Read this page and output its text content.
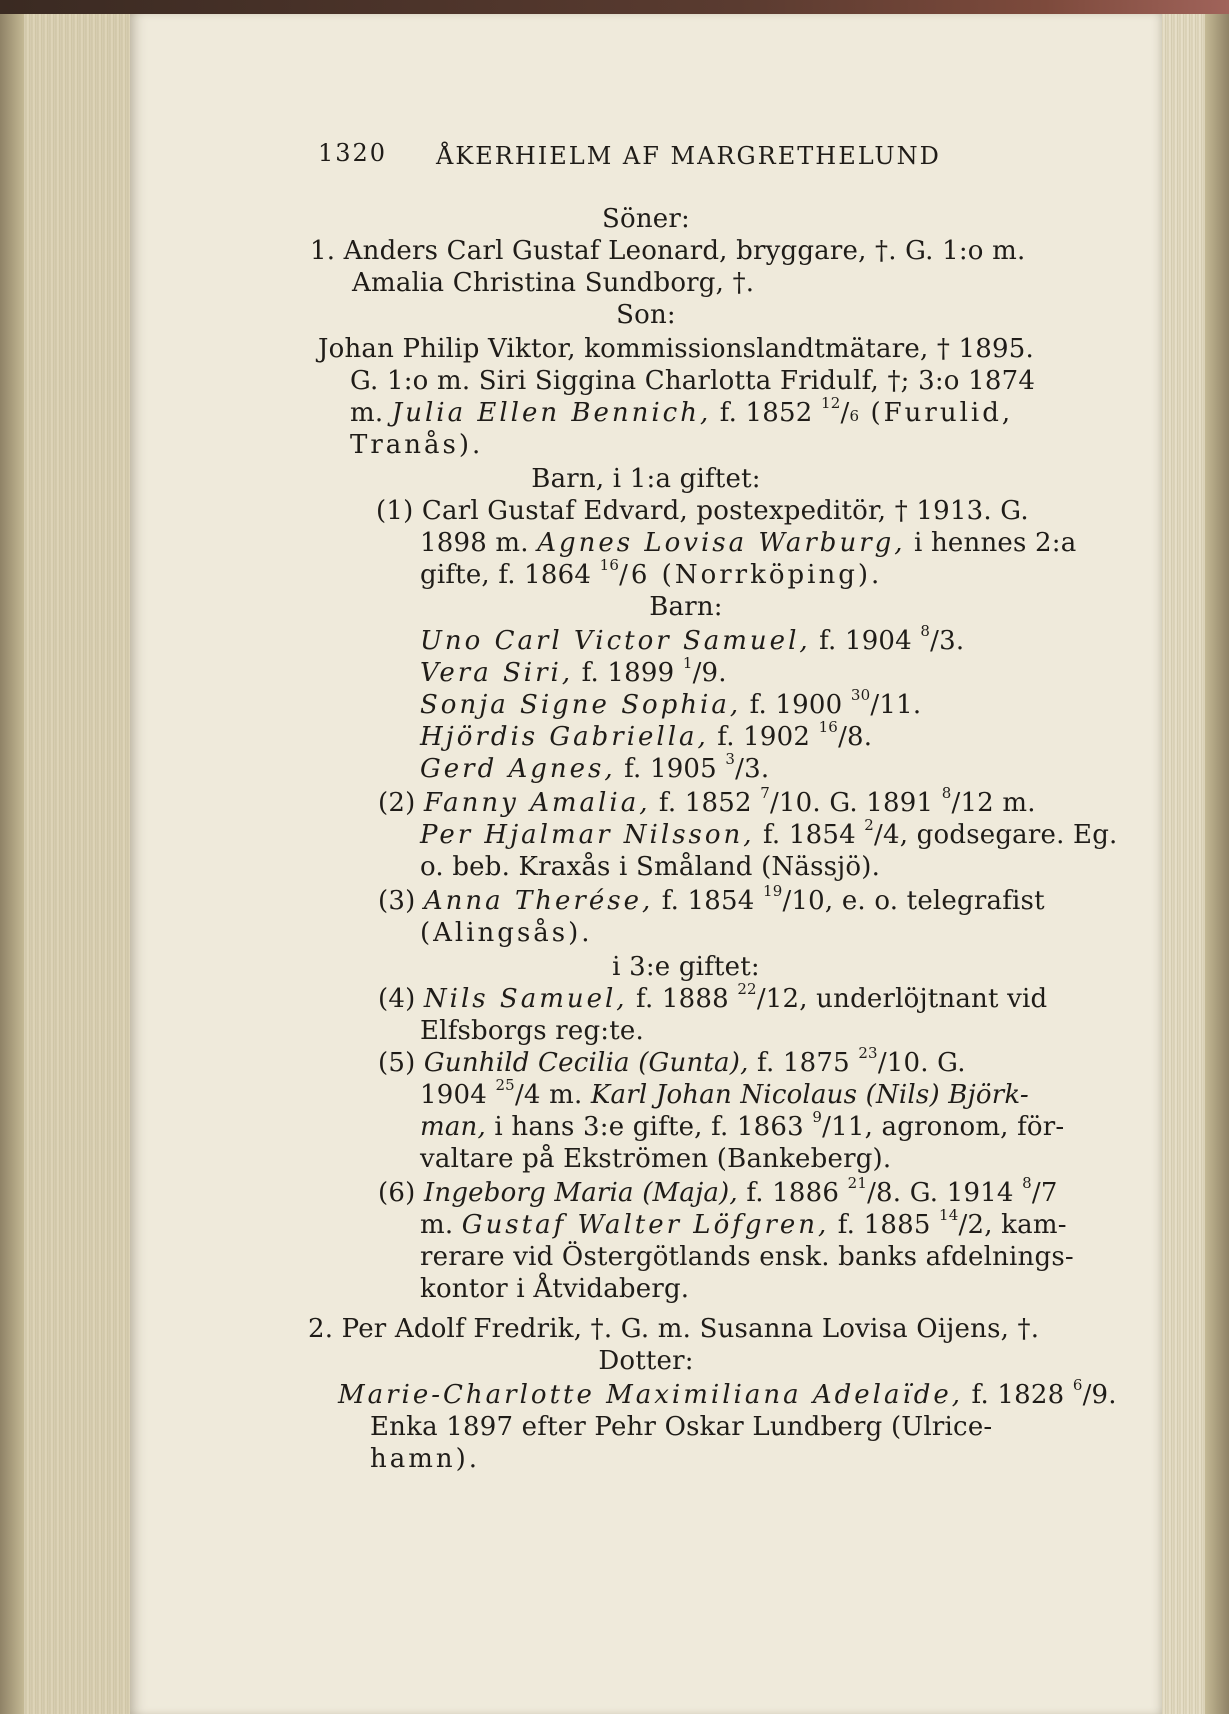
1320 ÅKERHIELM AF MARGRETHELUND
Söner:
1. Anders Carl Gustaf Leonard, bryggare, †. G. 1:o m.
Amalia Christina Sundborg, †.
Son:
Johan Philip Viktor, kommissionslandtmätare, † 1895.
G. 1:o m. Siri Siggina Charlotta Fridulf, †; 3:o 1874
m. Julia Ellen Bennich, f. 1852 $^{12}$/6 (Furulid,
Tranås).
Barn, i 1:a giftet:
(1) Carl Gustaf Edvard, postexpeditör, † 1913. G.
1898 m. Agnes Lovisa Warburg, i hennes 2:a
gifte, f. 1864 $^{16}$/6 (Norrköping).
Barn:
Uno Carl Victor Samuel, f. 1904 $^8$/3.
Vera Siri, f. 1899 $^1$/9.
Sonja Signe Sophia, f. 1900 $^{30}$/11.
Hjördis Gabriella, f. 1902 $^{16}$/8.
Gerd Agnes, f. 1905 $^3$/3.
(2) Fanny Amalia, f. 1852 $^7$/10. G. 1891 $^8$/12 m.
Per Hjalmar Nilsson, f. 1854 $^2$/4, godsegare. Eg.
o. beb. Kraxås i Småland (Nässjö).
(3) Anna Therése, f. 1854 $^{19}$/10, e. o. telegrafist
(Alingsås).
i 3:e giftet:
(4) Nils Samuel, f. 1888 $^{22}$/12, underlöjtnant vid
Elfsborgs reg:te.
(5) Gunhild Cecilia (Gunta), f. 1875 $^{23}$/10. G.
1904 $^{25}$/4 m. Karl Johan Nicolaus (Nils) Björk-
man, i hans 3:e gifte, f. 1863 $^9$/11, agronom, för-
valtare på Ekströmen (Bankeberg).
(6) Ingeborg Maria (Maja), f. 1886 $^{21}$/8. G. 1914 $^8$/7
m. Gustaf Walter Löfgren, f. 1885 $^{14}$/2, kam-
rerare vid Östergötlands ensk. banks afdelnings-
kontor i Åtvidaberg.
2. Per Adolf Fredrik, †. G. m. Susanna Lovisa Oijens, †.
Dotter:
Marie-Charlotte Maximiliana Adelaïde, f. 1828 $^6$/9.
Enka 1897 efter Pehr Oskar Lundberg (Ulrice-
hamn).
